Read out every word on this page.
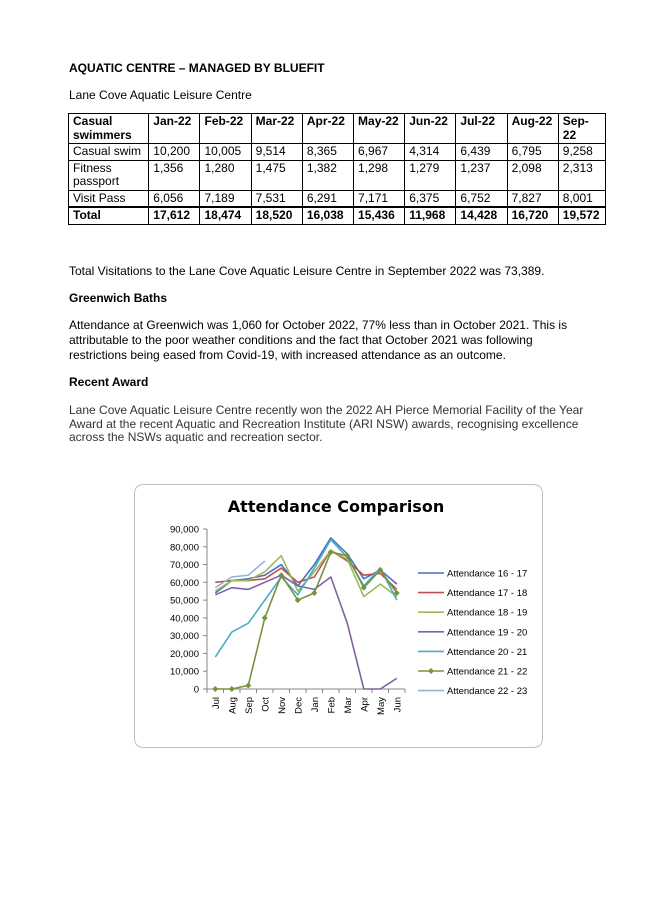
AQUATIC CENTRE – MANAGED BY BLUEFIT
Lane Cove Aquatic Leisure Centre
Casual swimmers	Jan-22	Feb-22	Mar-22	Apr-22	May-22	Jun-22	Jul-22	Aug-22	Sep-22
Casual swim	10,200	10,005	9,514	8,365	6,967	4,314	6,439	6,795	9,258
Fitness passport	1,356	1,280	1,475	1,382	1,298	1,279	1,237	2,098	2,313
Visit Pass	6,056	7,189	7,531	6,291	7,171	6,375	6,752	7,827	8,001
Total	17,612	18,474	18,520	16,038	15,436	11,968	14,428	16,720	19,572
Total Visitations to the Lane Cove Aquatic Leisure Centre in September 2022 was 73,389.
Greenwich Baths
Attendance at Greenwich was 1,060 for October 2022, 77% less than in October 2021. This is attributable to the poor weather conditions and the fact that October 2021 was following restrictions being eased from Covid-19, with increased attendance as an outcome.
Recent Award
Lane Cove Aquatic Leisure Centre recently won the 2022 AH Pierce Memorial Facility of the Year Award at the recent Aquatic and Recreation Institute (ARI NSW) awards, recognising excellence across the NSWs aquatic and recreation sector.
Attendance Comparison
0
10,000
20,000
30,000
40,000
50,000
60,000
70,000
80,000
90,000
Jul Aug Sep Oct Nov Dec Jan Feb Mar Apr May Jun
Attendance 16 - 17
Attendance 17 - 18
Attendance 18 - 19
Attendance 19 - 20
Attendance 20 - 21
Attendance 21 - 22
Attendance 22 - 23
